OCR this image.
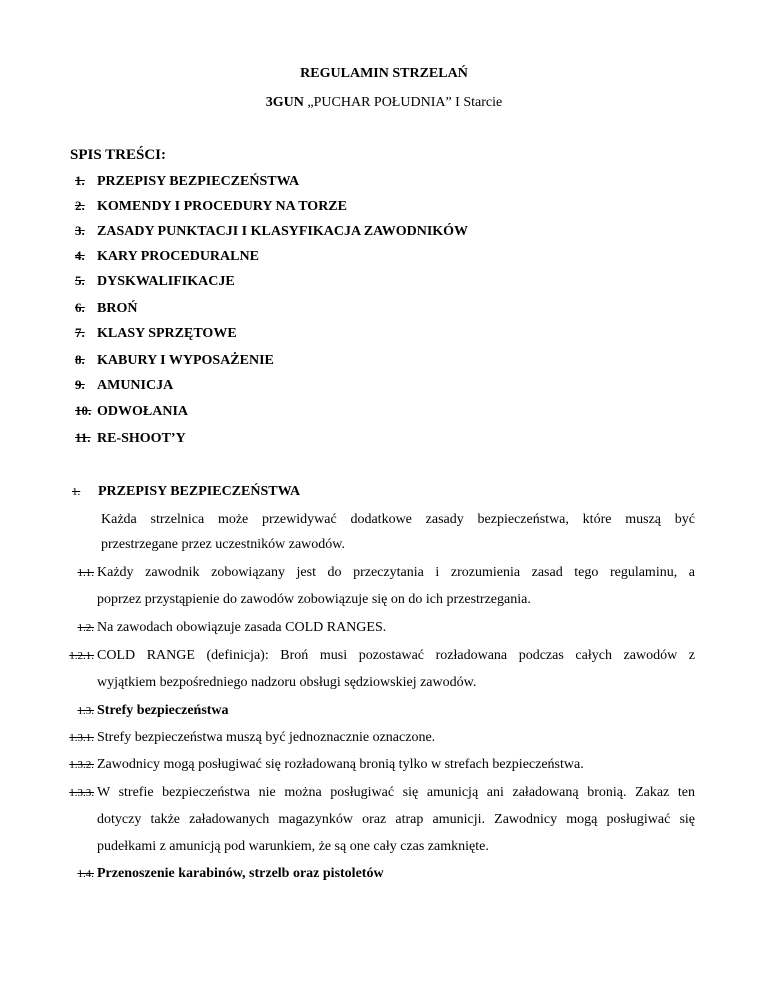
REGULAMIN STRZELAŃ
3GUN „PUCHAR POŁUDNIA” I Starcie
SPIS TREŚCI:
1. PRZEPISY BEZPIECZEŃSTWA
2. KOMENDY I PROCEDURY NA TORZE
3. ZASADY PUNKTACJI I KLASYFIKACJA ZAWODNIKÓW
4. KARY PROCEDURALNE
5. DYSKWALIFIKACJE
6. BROŃ
7. KLASY SPRZĘTOWE
8. KABURY I WYPOSAŻENIE
9. AMUNICJA
10. ODWOŁANIA
11. RE-SHOOT’Y
1. PRZEPISY BEZPIECZEŃSTWA
Każda strzelnica może przewidywać dodatkowe zasady bezpieczeństwa, które muszą być
przestrzegane przez uczestników zawodów.
1.1. Każdy zawodnik zobowiązany jest do przeczytania i zrozumienia zasad tego regulaminu, a
poprzez przystąpienie do zawodów zobowiązuje się on do ich przestrzegania.
1.2. Na zawodach obowiązuje zasada COLD RANGES.
1.2.1. COLD RANGE (definicja): Broń musi pozostawać rozładowana podczas całych zawodów z
wyjątkiem bezpośredniego nadzoru obsługi sędziowskiej zawodów.
1.3. Strefy bezpieczeństwa
1.3.1. Strefy bezpieczeństwa muszą być jednoznacznie oznaczone.
1.3.2. Zawodnicy mogą posługiwać się rozładowaną bronią tylko w strefach bezpieczeństwa.
1.3.3. W strefie bezpieczeństwa nie można posługiwać się amunicją ani załadowaną bronią. Zakaz ten
dotyczy także załadowanych magazynków oraz atrap amunicji. Zawodnicy mogą posługiwać się
pudełkami z amunicją pod warunkiem, że są one cały czas zamknięte.
1.4. Przenoszenie karabinów, strzelb oraz pistoletów
